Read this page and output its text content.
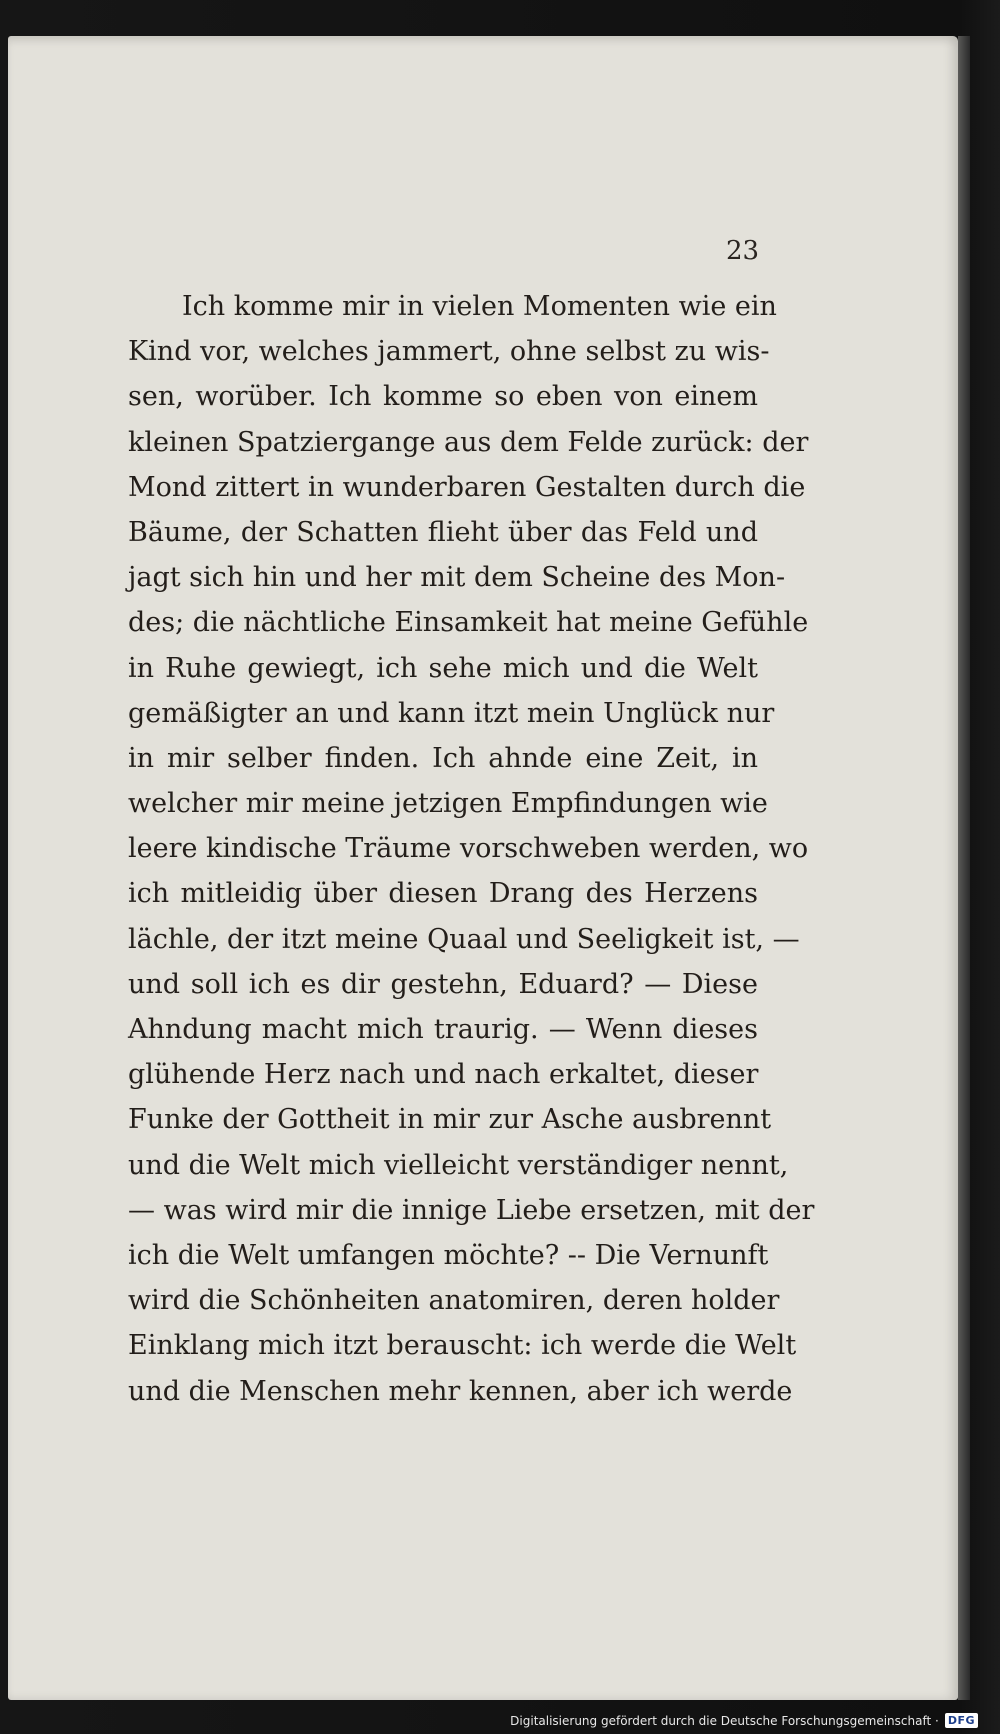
23
Ich komme mir in vielen Momenten wie ein
Kind vor, welches jammert, ohne selbst zu wis-
sen, worüber. Ich komme so eben von einem
kleinen Spatziergange aus dem Felde zurück: der
Mond zittert in wunderbaren Gestalten durch die
Bäume, der Schatten flieht über das Feld und
jagt sich hin und her mit dem Scheine des Mon-
des; die nächtliche Einsamkeit hat meine Gefühle
in Ruhe gewiegt, ich sehe mich und die Welt
gemäßigter an und kann itzt mein Unglück nur
in mir selber finden. Ich ahnde eine Zeit, in
welcher mir meine jetzigen Empfindungen wie
leere kindische Träume vorschweben werden, wo
ich mitleidig über diesen Drang des Herzens
lächle, der itzt meine Quaal und Seeligkeit ist, —
und soll ich es dir gestehn, Eduard? — Diese
Ahndung macht mich traurig. — Wenn dieses
glühende Herz nach und nach erkaltet, dieser
Funke der Gottheit in mir zur Asche ausbrennt
und die Welt mich vielleicht verständiger nennt,
— was wird mir die innige Liebe ersetzen, mit der
ich die Welt umfangen möchte? -- Die Vernunft
wird die Schönheiten anatomiren, deren holder
Einklang mich itzt berauscht: ich werde die Welt
und die Menschen mehr kennen, aber ich werde
Digitalisierung gefördert durch die Deutsche Forschungsgemeinschaft · DFG
